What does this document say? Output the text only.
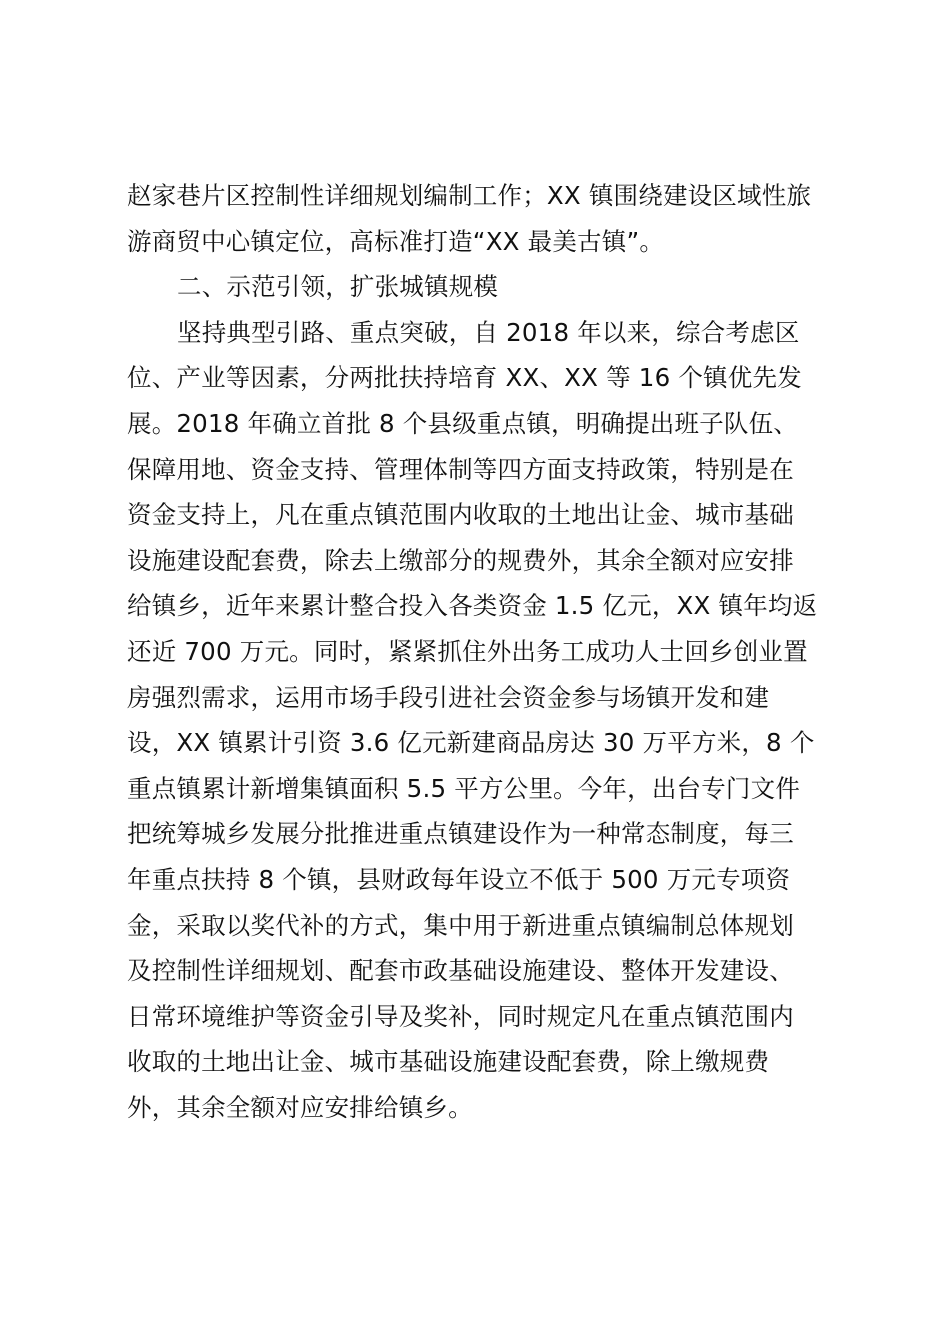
赵家巷片区控制性详细规划编制工作；XX 镇围绕建设区域性旅
游商贸中心镇定位，高标准打造“XX 最美古镇”。
二、示范引领，扩张城镇规模
坚持典型引路、重点突破，自 2018 年以来，综合考虑区
位、产业等因素，分两批扶持培育 XX、XX 等 16 个镇优先发
展。2018 年确立首批 8 个县级重点镇，明确提出班子队伍、
保障用地、资金支持、管理体制等四方面支持政策，特别是在
资金支持上，凡在重点镇范围内收取的土地出让金、城市基础
设施建设配套费，除去上缴部分的规费外，其余全额对应安排
给镇乡，近年来累计整合投入各类资金 1.5 亿元，XX 镇年均返
还近 700 万元。同时，紧紧抓住外出务工成功人士回乡创业置
房强烈需求，运用市场手段引进社会资金参与场镇开发和建
设，XX 镇累计引资 3.6 亿元新建商品房达 30 万平方米，8 个
重点镇累计新增集镇面积 5.5 平方公里。今年，出台专门文件
把统筹城乡发展分批推进重点镇建设作为一种常态制度，每三
年重点扶持 8 个镇，县财政每年设立不低于 500 万元专项资
金，采取以奖代补的方式，集中用于新进重点镇编制总体规划
及控制性详细规划、配套市政基础设施建设、整体开发建设、
日常环境维护等资金引导及奖补，同时规定凡在重点镇范围内
收取的土地出让金、城市基础设施建设配套费，除上缴规费
外，其余全额对应安排给镇乡。
